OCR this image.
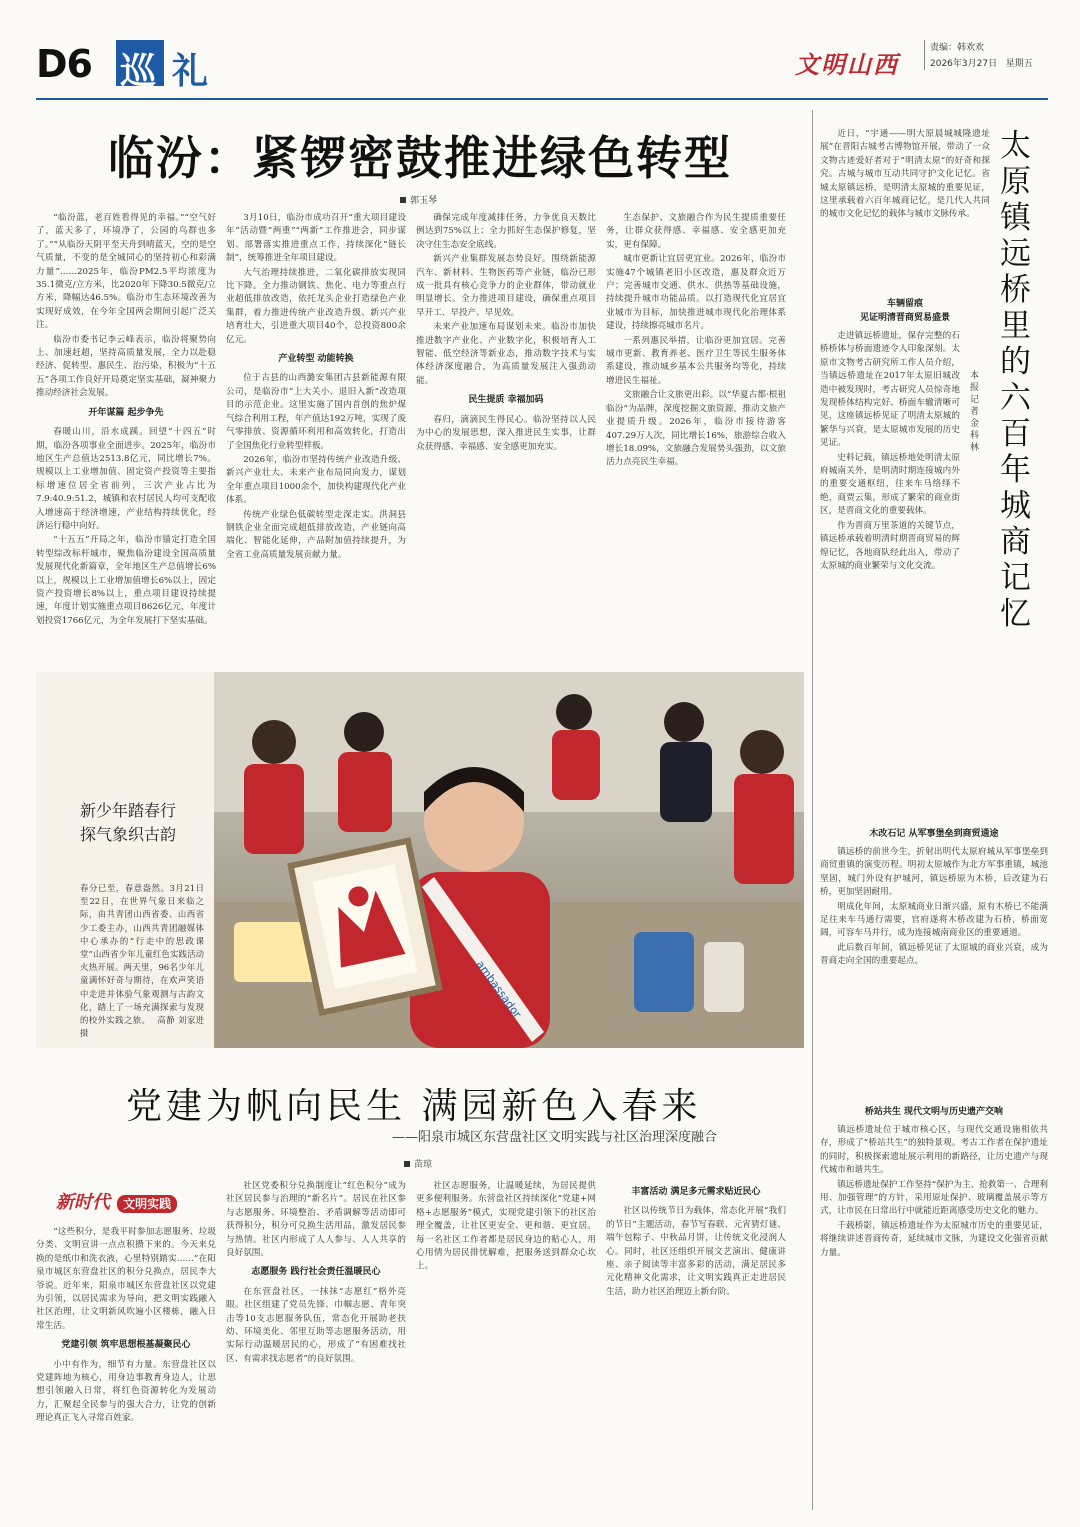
D6 巡 礼	文明山西
责编：韩欢欢
2026年3月27日 星期五
临汾：紧锣密鼓推进绿色转型
郭玉琴

“临汾蓝，老百姓看得见的幸福。”“空气好了，蓝天多了，环境净了，公园的鸟群也多了。”“从临汾天阴平至天舟到晴蓝天，空的是空气质量，不变的是全城同心的坚持初心和彩满力量”……2025年，临汾PM2.5平均浓度为35.1微克/立方米，比2020年下降30.5微克/立方米，降幅达46.5%。临汾市生态环境改善为实现好成效，在今年全国两会期间引起广泛关注。

临汾市委书记李云峰表示，临汾将聚势向上、加速赶超，坚持高质量发展，全力以赴稳经济、促转型、惠民生、治污染，积极为“十五五”各项工作良好开局奠定坚实基础，凝神聚力推动经济社会发展。

开年谋篇 起步争先

春暖山川，沿水成蹊。回望“十四五”时期，临汾各项事业全面进步。2025年，临汾市地区生产总值达2513.8亿元，同比增长7%。规模以上工业增加值、固定资产投资等主要指标增速位居全省前列，三次产业占比为7.9:40.9:51.2，城镇和农村居民人均可支配收入增速高于经济增速，产业结构持续优化，经济运行稳中向好。

“十五五”开局之年，临汾市锚定打造全国转型综改标杆城市，聚焦临汾建设全国高质量发展现代化新篇章，全年地区生产总值增长6%以上，规模以上工业增加值增长6%以上，固定资产投资增长8%以上，重点项目建设持续提速，年度计划实施重点项目8626亿元，年度计划投资1766亿元，为全年发展打下坚实基础。

3月10日，临汾市成功召开“重大项目建设年”活动暨“两重”“两新”工作推进会，同步谋划、部署落实推进重点工作，持续深化“链长制”，统筹推进全年项目建设。

大气治理持续推进，二氧化碳排放实现同比下降。全力推动钢铁、焦化、电力等重点行业超低排放改造，依托龙头企业打造绿色产业集群，着力推进传统产业改造升级、新兴产业培育壮大，引进重大项目40个，总投资800余亿元。

产业转型 动能转换

位于古县的山西潞安集团古县新能源有限公司，是临汾市“上大关小、退旧入新”改造项目的示范企业。这里实施了国内首创的焦炉煤气综合利用工程，年产值达192万吨，实现了废气零排放、资源循环利用和高效转化，打造出了全国焦化行业转型样板。

2026年，临汾市坚持传统产业改造升级、新兴产业壮大、未来产业布局同向发力，谋划全年重点项目1000余个，加快构建现代化产业体系。

传统产业绿色低碳转型走深走实。洪洞县钢铁企业全面完成超低排放改造，产业链向高端化、智能化延伸，产品附加值持续提升，为全省工业高质量发展贡献力量。

确保完成年度减排任务，力争优良天数比例达到75%以上；全力抓好生态保护修复，坚决守住生态安全底线。

新兴产业集群发展态势良好。围绕新能源汽车、新材料、生物医药等产业链，临汾已形成一批具有核心竞争力的企业群体，带动就业明显增长。全力推进项目建设，确保重点项目早开工、早投产、早见效。

未来产业加速布局谋划未来。临汾市加快推进数字产业化、产业数字化，积极培育人工智能、低空经济等新业态，推动数字技术与实体经济深度融合，为高质量发展注入强劲动能。

民生提质 幸福加码

春归，滴滴民生得民心。临汾坚持以人民为中心的发展思想，深入推进民生实事，让群众获得感、幸福感、安全感更加充实。

生态保护、文旅融合作为民生提质重要任务，让群众获得感、幸福感、安全感更加充实，更有保障。

城市更新让宜居更宜业。2026年，临汾市实施47个城镇老旧小区改造，惠及群众近万户；完善城市交通、供水、供热等基础设施，持续提升城市功能品质。以打造现代化宜居宜业城市为目标，加快推进城市现代化治理体系建设，持续擦亮城市名片。

一系列惠民举措，让临汾更加宜居。完善城市更新、教育养老、医疗卫生等民生服务体系建设，推动城乡基本公共服务均等化，持续增进民生福祉。

文旅融合让文旅更出彩。以“华夏古都·根祖临汾”为品牌，深度挖掘文旅资源，推动文旅产业提质升级。2026年，临汾市接待游客407.29万人次，同比增长16%，旅游综合收入增长18.09%，文旅融合发展势头强劲，以文旅活力点亮民生幸福。

新少年踏春行
探气象织古韵
春分已至，春意盎然。3月21日至22日，在世界气象日来临之际，由共青团山西省委、山西省少工委主办，山西共青团融媒体中心承办的“行走中的思政课堂”山西省少年儿童红色实践活动火热开展。两天里，96名少年儿童满怀好奇与期待，在欢声笑语中走进并体验气象观测与古韵文化，踏上了一场充满探索与发现的校外实践之旅。 高静 刘家进 摄
ambassador
党建为帆向民生 满园新色入春来
——阳泉市城区东营盘社区文明实践与社区治理深度融合
苗琼
新时代 文明实践

“这些积分，是我平时参加志愿服务、垃圾分类、文明宣讲一点点积攒下来的。今天来兑换的是纸巾和洗衣液，心里特别踏实……”在阳泉市城区东营盘社区的积分兑换点，居民李大爷说。近年来，阳泉市城区东营盘社区以党建为引领，以居民需求为导向，把文明实践融入社区治理，让文明新风吹遍小区楼栋，融入日常生活。

党建引领 筑牢思想根基凝聚民心

小中有作为，细节有力量。东营盘社区以党建阵地为核心，用身边事教育身边人，让思想引领融入日常，将红色资源转化为发展动力，汇聚起全民参与的强大合力，让党的创新理论真正飞入寻常百姓家。

社区党委积分兑换制度让“红色积分”成为社区居民参与治理的“新名片”。居民在社区参与志愿服务、环境整治、矛盾调解等活动即可获得积分，积分可兑换生活用品，激发居民参与热情。社区内形成了人人参与、人人共享的良好氛围。

志愿服务 践行社会责任温暖民心

在东营盘社区，一抹抹“志愿红”格外亮眼。社区组建了党员先锋、巾帼志愿、青年突击等10支志愿服务队伍，常态化开展助老扶幼、环境美化、邻里互助等志愿服务活动，用实际行动温暖居民的心，形成了“有困难找社区、有需求找志愿者”的良好氛围。

社区志愿服务，让温暖延续，为居民提供更多便利服务。东营盘社区持续深化“党建+网格+志愿服务”模式，实现党建引领下的社区治理全覆盖，让社区更安全、更和谐、更宜居。每一名社区工作者都是居民身边的贴心人，用心用情为居民排忧解难，把服务送到群众心坎上。

丰富活动 满足多元需求贴近民心

社区以传统节日为载体，常态化开展“我们的节日”主题活动，春节写春联、元宵猜灯谜、端午包粽子、中秋品月饼，让传统文化浸润人心。同时，社区还组织开展文艺演出、健康讲座、亲子阅读等丰富多彩的活动，满足居民多元化精神文化需求，让文明实践真正走进居民生活，助力社区治理迈上新台阶。

近日，“宇通——明大原晨城城隆遗址展”在晋阳古城考古博物馆开展，带动了一众文物古迹爱好者对于“明清太原”的好奇和探究。古城与城市互动共同守护文化记忆。省城太原镇远桥，是明清太原城的重要见证，这里承载着六百年城商记忆，是几代人共同的城市文化记忆的载体与城市文脉传承。

车辆留痕
见证明清晋商贸易盛景
太原镇远桥里的六百年城商记忆
本报记者 金科林

走进镇远桥遗址，保存完整的石桥桥体与桥面遗迹令人印象深刻。太原市文物考古研究所工作人员介绍，当镇远桥遗址在2017年太原旧城改造中被发现时，考古研究人员惊奇地发现桥体结构完好、桥面车辙清晰可见，这座镇远桥见证了明清太原城的繁华与兴衰，是太原城市发展的历史见证。

史料记载，镇远桥地处明清太原府城南关外，是明清时期连接城内外的重要交通枢纽，往来车马络绎不绝，商贾云集，形成了繁荣的商业街区，是晋商文化的重要载体。

作为晋商万里茶道的关键节点，镇远桥承载着明清时期晋商贸易的辉煌记忆，各地商队经此出入，带动了太原城的商业繁荣与文化交流。

木改石记 从军事堡垒到商贸通途

镇远桥的前世今生，折射出明代太原府城从军事堡垒到商贸重镇的演变历程。明初太原城作为北方军事重镇，城池坚固，城门外设有护城河，镇远桥原为木桥，后改建为石桥，更加坚固耐用。

明成化年间，太原城商业日渐兴盛，原有木桥已不能满足往来车马通行需要，官府遂将木桥改建为石桥，桥面宽阔，可容车马并行，成为连接城南商业区的重要通道。

此后数百年间，镇远桥见证了太原城的商业兴衰，成为晋商走向全国的重要起点。

桥站共生 现代文明与历史遗产交响

镇远桥遗址位于城市核心区，与现代交通设施相依共存，形成了“桥站共生”的独特景观。考古工作者在保护遗址的同时，积极探索遗址展示利用的新路径，让历史遗产与现代城市和谐共生。

镇远桥遗址保护工作坚持“保护为主、抢救第一、合理利用、加强管理”的方针，采用原址保护、玻璃覆盖展示等方式，让市民在日常出行中就能近距离感受历史文化的魅力。

千载桥影，镇远桥遗址作为太原城市历史的重要见证，将继续讲述晋商传奇，延续城市文脉，为建设文化强省贡献力量。
